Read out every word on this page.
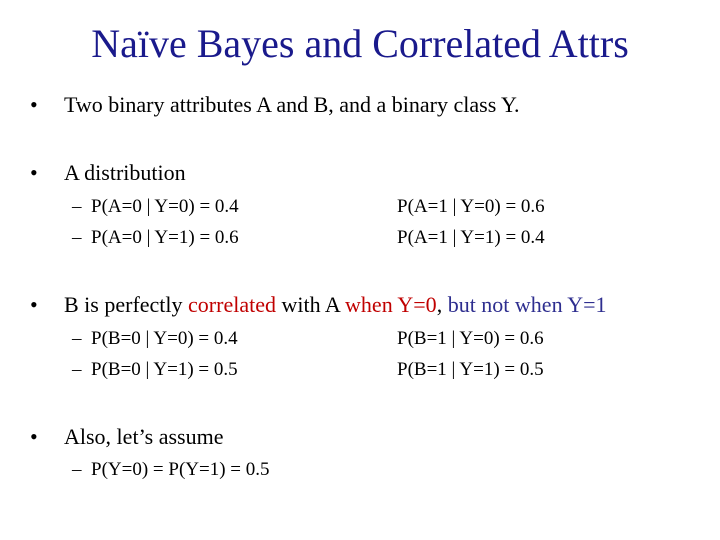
Naïve Bayes and Correlated Attrs
• Two binary attributes A and B, and a binary class Y.
• A distribution
– P(A=0 | Y=0) = 0.4
– P(A=0 | Y=1) = 0.6
P(A=1 | Y=0) = 0.6
P(A=1 | Y=1) = 0.4
• B is perfectly correlated with A when Y=0, but not when Y=1
– P(B=0 | Y=0) = 0.4
– P(B=0 | Y=1) = 0.5
P(B=1 | Y=0) = 0.6
P(B=1 | Y=1) = 0.5
• Also, let’s assume
– P(Y=0) = P(Y=1) = 0.5
